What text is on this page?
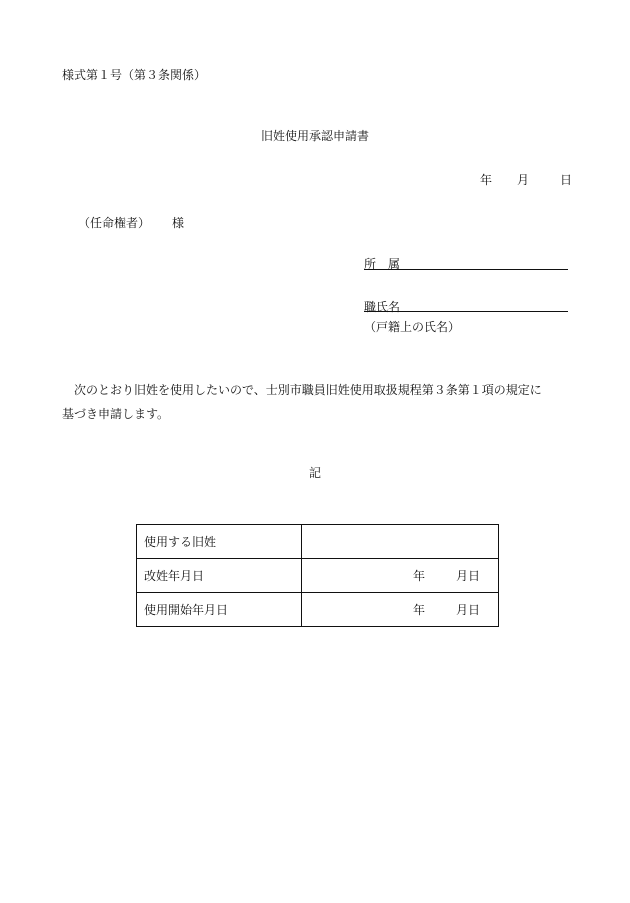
様式第１号（第３条関係）
旧姓使用承認申請書
年 月	日
（任命権者） 様
所　属
職氏名
（戸籍上の氏名）
次のとおり旧姓を使用したいので、士別市職員旧姓使用取扱規程第３条第１項の規定に
基づき申請します。
記
使用する旧姓	
改姓年月日	年 月日
使用開始年月日	年 月日
